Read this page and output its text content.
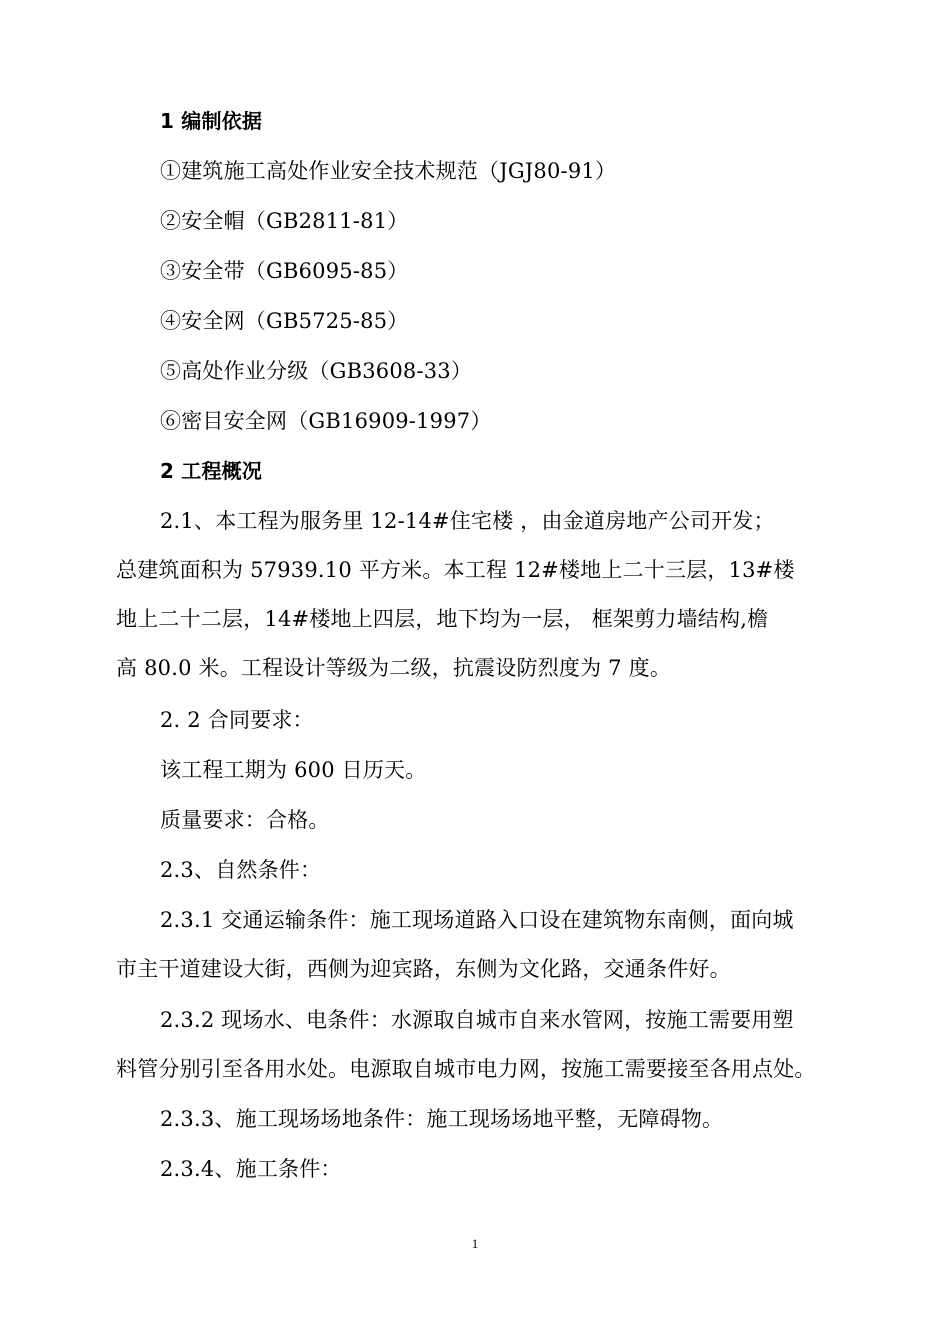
1 编制依据
①建筑施工高处作业安全技术规范（JGJ80-91）
②安全帽（GB2811-81）
③安全带（GB6095-85）
④安全网（GB5725-85）
⑤高处作业分级（GB3608-33）
⑥密目安全网（GB16909-1997）
2 工程概况
2.1、本工程为服务里 12-14#住宅楼 ，由金道房地产公司开发；
总建筑面积为 57939.10 平方米。本工程 12#楼地上二十三层，13#楼
地上二十二层，14#楼地上四层，地下均为一层， 框架剪力墙结构,檐
高 80.0 米。工程设计等级为二级，抗震设防烈度为 7 度。
2. 2 合同要求：
该工程工期为 600 日历天。
质量要求：合格。
2.3、自然条件：
2.3.1 交通运输条件：施工现场道路入口设在建筑物东南侧，面向城
市主干道建设大街，西侧为迎宾路，东侧为文化路，交通条件好。
2.3.2 现场水、电条件：水源取自城市自来水管网，按施工需要用塑
料管分别引至各用水处。电源取自城市电力网，按施工需要接至各用点处。
2.3.3、施工现场场地条件：施工现场场地平整，无障碍物。
2.3.4、施工条件：
1
